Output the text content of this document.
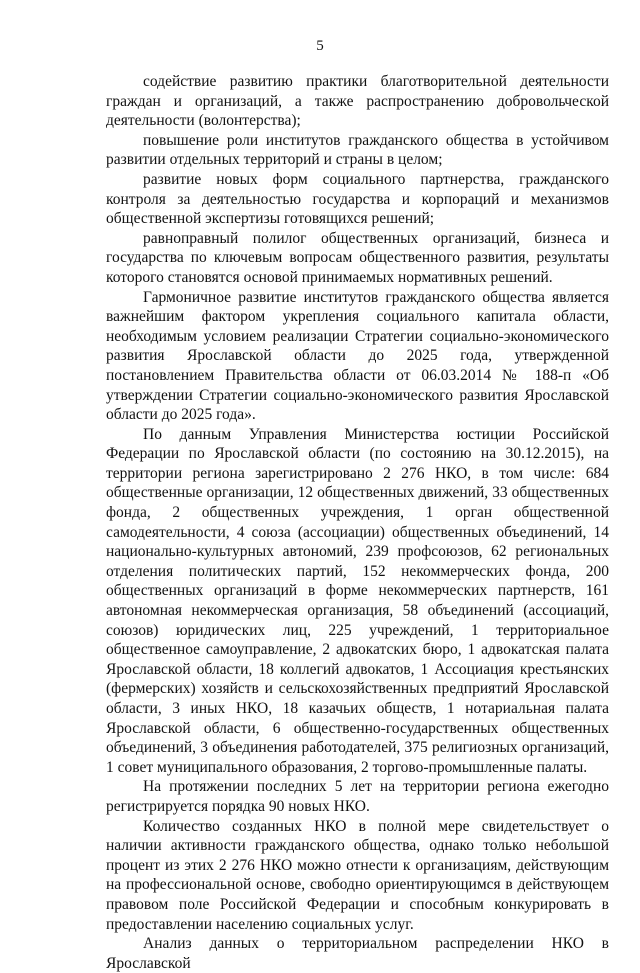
5

содействие развитию практики благотворительной деятельности граждан и организаций, а также распространению добровольческой деятельности (волонтерства);

повышение роли институтов гражданского общества в устойчивом развитии отдельных территорий и страны в целом;

развитие новых форм социального партнерства, гражданского контроля за деятельностью государства и корпораций и механизмов общественной экспертизы готовящихся решений;

равноправный полилог общественных организаций, бизнеса и государства по ключевым вопросам общественного развития, результаты которого становятся основой принимаемых нормативных решений.

Гармоничное развитие институтов гражданского общества является важнейшим фактором укрепления социального капитала области, необходимым условием реализации Стратегии социально-экономического развития Ярославской области до 2025 года, утвержденной постановлением Правительства области от 06.03.2014 № 188-п «Об утверждении Стратегии социально-экономического развития Ярославской области до 2025 года».

По данным Управления Министерства юстиции Российской Федерации по Ярославской области (по состоянию на 30.12.2015), на территории региона зарегистрировано 2 276 НКО, в том числе: 684 общественные организации, 12 общественных движений, 33 общественных фонда, 2 общественных учреждения, 1 орган общественной самодеятельности, 4 союза (ассоциации) общественных объединений, 14 национально-культурных автономий, 239 профсоюзов, 62 региональных отделения политических партий, 152 некоммерческих фонда, 200 общественных организаций в форме некоммерческих партнерств, 161 автономная некоммерческая организация, 58 объединений (ассоциаций, союзов) юридических лиц, 225 учреждений, 1 территориальное общественное самоуправление, 2 адвокатских бюро, 1 адвокатская палата Ярославской области, 18 коллегий адвокатов, 1 Ассоциация крестьянских (фермерских) хозяйств и сельскохозяйственных предприятий Ярославской области, 3 иных НКО, 18 казачьих обществ, 1 нотариальная палата Ярославской области, 6 общественно-государственных общественных объединений, 3 объединения работодателей, 375 религиозных организаций, 1 совет муниципального образования, 2 торгово-промышленные палаты.

На протяжении последних 5 лет на территории региона ежегодно регистрируется порядка 90 новых НКО.

Количество созданных НКО в полной мере свидетельствует о наличии активности гражданского общества, однако только небольшой процент из этих 2 276 НКО можно отнести к организациям, действующим на профессиональной основе, свободно ориентирующимся в действующем правовом поле Российской Федерации и способным конкурировать в предоставлении населению социальных услуг.

Анализ данных о территориальном распределении НКО в Ярославской
